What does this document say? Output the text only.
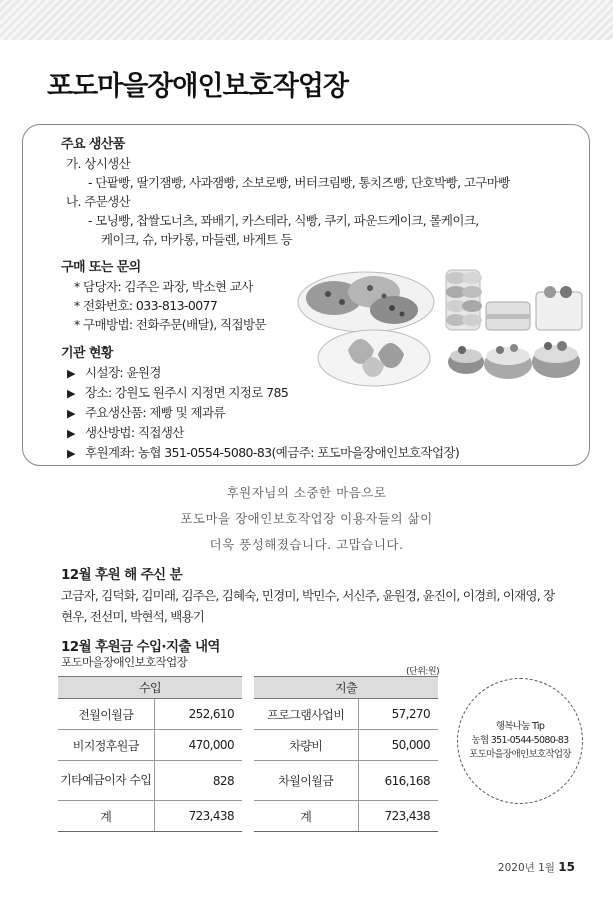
포도마을장애인보호작업장
주요 생산품
가. 상시생산
- 단팥빵, 딸기잼빵, 사과잼빵, 소보로빵, 버터크림빵, 통치즈빵, 단호박빵, 고구마빵
나. 주문생산
- 모닝빵, 찹쌀도너츠, 꽈배기, 카스테라, 식빵, 쿠키, 파운드케이크, 롤케이크,
케이크, 슈, 마카롱, 마들렌, 바게트 등
구매 또는 문의
* 담당자: 김주은 과장, 박소현 교사
* 전화번호: 033-813-0077
* 구매방법: 전화주문(배달), 직접방문
기관 현황
▶ 시설장: 윤원경
▶ 장소: 강원도 원주시 지정면 지정로 785
▶ 주요생산품: 제빵 및 제과류
▶ 생산방법: 직접생산
▶ 후원계좌: 농협 351-0554-5080-83(예금주: 포도마을장애인보호작업장)
후원자님의 소중한 마음으로
포도마을 장애인보호작업장 이용자들의 삶이
더욱 풍성해졌습니다. 고맙습니다.
12월 후원 해 주신 분
고금자, 김덕화, 김미래, 김주은, 김혜숙, 민경미, 박민수, 서신주, 윤원경, 윤진이, 이경희, 이재영, 장현우, 전선미, 박현석, 백용기
12월 후원금 수입·지출 내역
포도마을장애인보호작업장
(단위:원)
수입	
전월이월금	252,610
비지정후원금	470,000
기타예금이자 수입	828
계	723,438
지출	
프로그램사업비	57,270
차량비	50,000
차월이월금	616,168
계	723,438
행복나눔 Tip
농협 351-0544-5080-83
포도마을장애인보호작업장
2020년 1월 15
